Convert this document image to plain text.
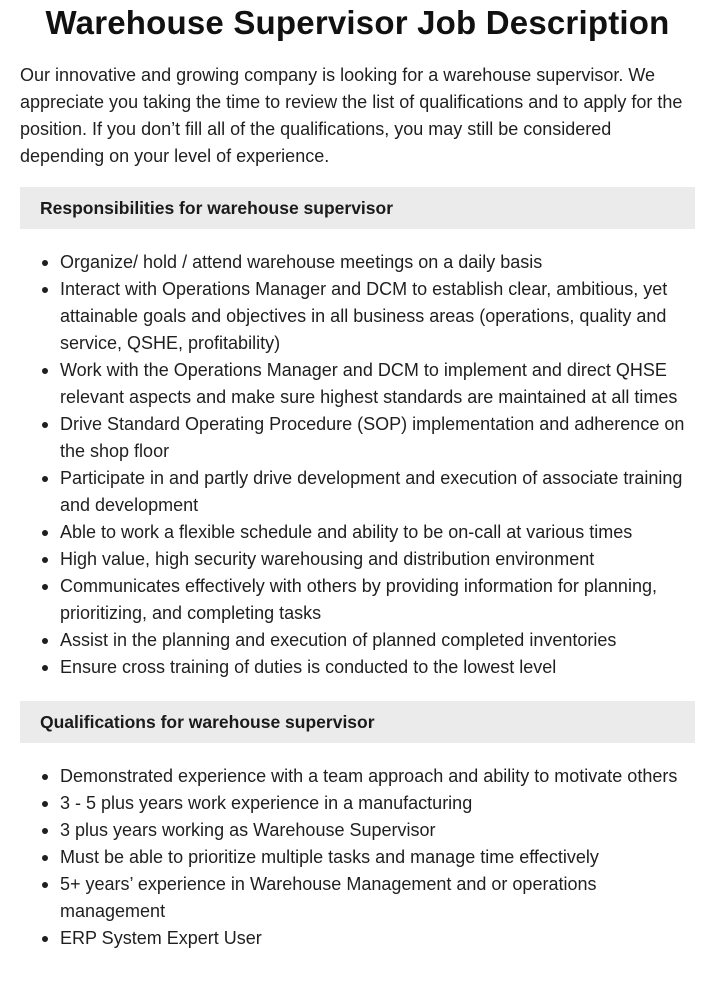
Warehouse Supervisor Job Description

Our innovative and growing company is looking for a warehouse supervisor. We appreciate you taking the time to review the list of qualifications and to apply for the position. If you don’t fill all of the qualifications, you may still be considered depending on your level of experience.

Responsibilities for warehouse supervisor
Organize/ hold / attend warehouse meetings on a daily basis
Interact with Operations Manager and DCM to establish clear, ambitious, yet attainable goals and objectives in all business areas (operations, quality and service, QSHE, profitability)
Work with the Operations Manager and DCM to implement and direct QHSE relevant aspects and make sure highest standards are maintained at all times
Drive Standard Operating Procedure (SOP) implementation and adherence on the shop floor
Participate in and partly drive development and execution of associate training and development
Able to work a flexible schedule and ability to be on-call at various times
High value, high security warehousing and distribution environment
Communicates effectively with others by providing information for planning, prioritizing, and completing tasks
Assist in the planning and execution of planned completed inventories
Ensure cross training of duties is conducted to the lowest level
Qualifications for warehouse supervisor
Demonstrated experience with a team approach and ability to motivate others
3 - 5 plus years work experience in a manufacturing
3 plus years working as Warehouse Supervisor
Must be able to prioritize multiple tasks and manage time effectively
5+ years’ experience in Warehouse Management and or operations management
ERP System Expert User
